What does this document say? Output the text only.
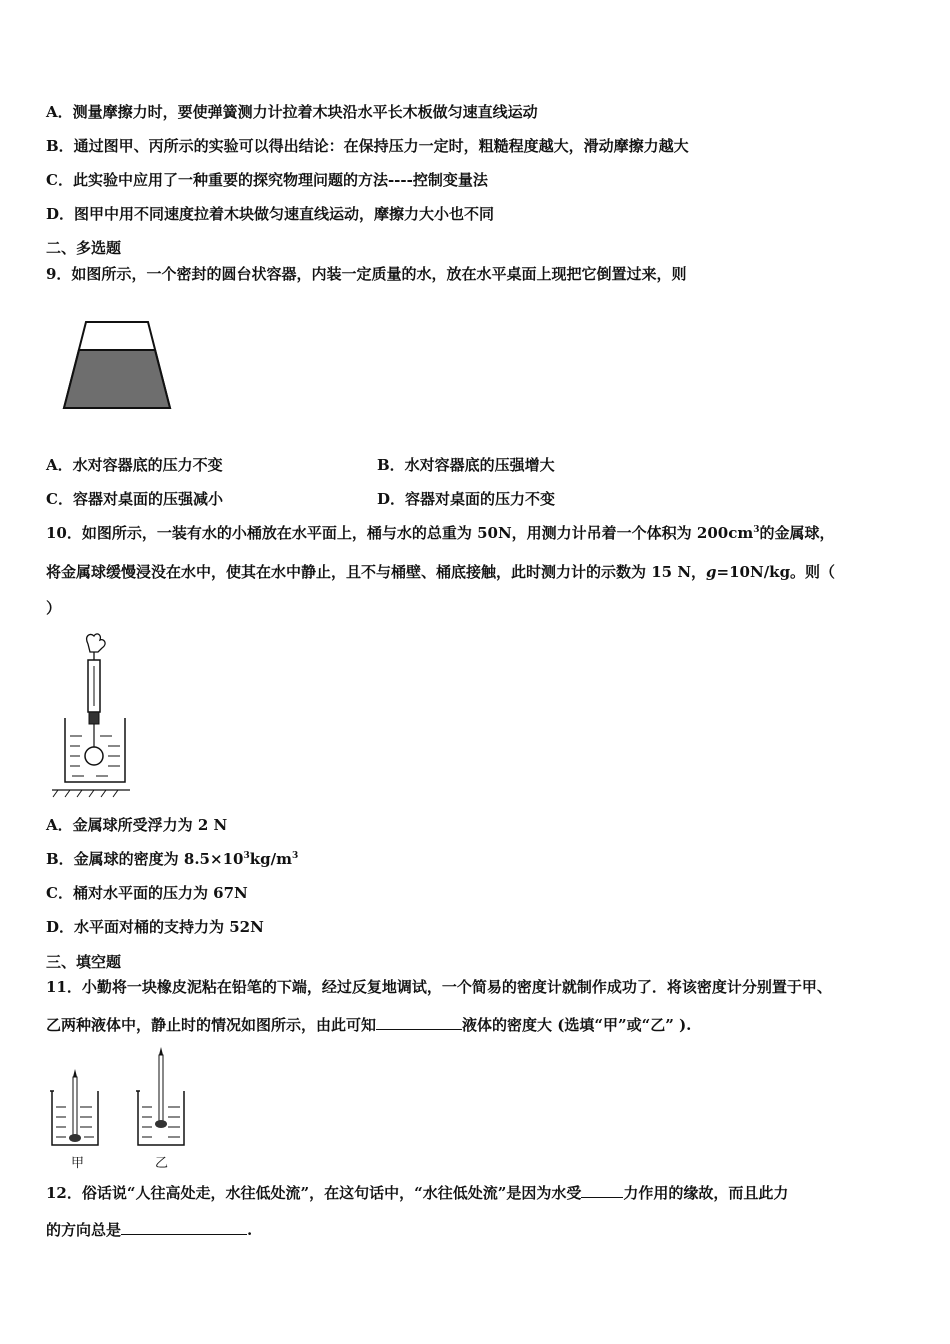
A．测量摩擦力时，要使弹簧测力计拉着木块沿水平长木板做匀速直线运动
B．通过图甲、丙所示的实验可以得出结论：在保持压力一定时，粗糙程度越大，滑动摩擦力越大
C．此实验中应用了一种重要的探究物理问题的方法----控制变量法
D．图甲中用不同速度拉着木块做匀速直线运动，摩擦力大小也不同
二、多选题
9．如图所示，一个密封的圆台状容器，内装一定质量的水，放在水平桌面上现把它倒置过来，则
A．水对容器底的压力不变	B．水对容器底的压强增大
C．容器对桌面的压强减小	D．容器对桌面的压力不变
10．如图所示，一装有水的小桶放在水平面上，桶与水的总重为 50N，用测力计吊着一个体积为 $200cm^3$的金属球，
将金属球缓慢浸没在水中，使其在水中静止，且不与桶壁、桶底接触，此时测力计的示数为 15 N，g=10N/kg。则（
）
A．金属球所受浮力为 2 N
B．金属球的密度为 $8.5\times 10^3kg/m^3$
C．桶对水平面的压力为 67N
D．水平面对桶的支持力为 52N
三、填空题
11．小勤将一块橡皮泥粘在铅笔的下端，经过反复地调试，一个简易的密度计就制作成功了．将该密度计分别置于甲、
乙两种液体中，静止时的情况如图所示，由此可知	液体的密度大 (选填“甲”或“乙” ).
甲	乙
12．俗话说“人往高处走，水往低处流”，在这句话中，“水往低处流”是因为水受	力作用的缘故，而且此力
的方向总是	.
